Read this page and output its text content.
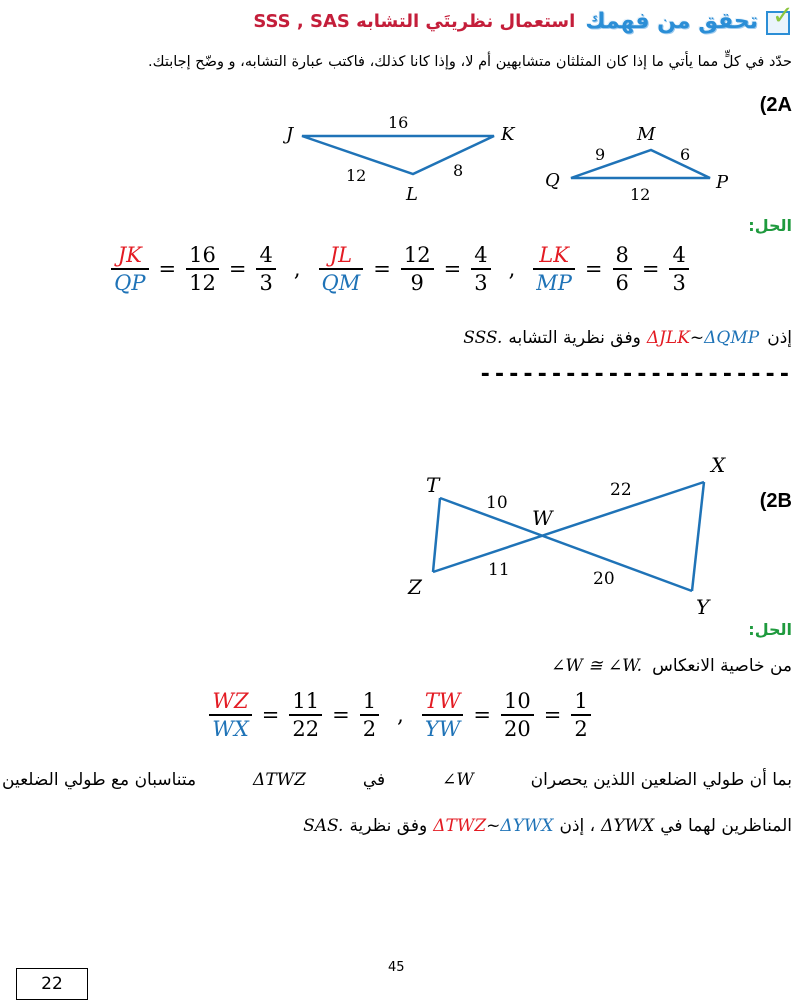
استعمال نظريتَي التشابه SSS , SAS تحقق من فهمك ✓
حدّد في كلٍّ مما يأتي ما إذا كان المثلثان متشابهين أم لا، وإذا كانا كذلك، فاكتب عبارة التشابه، و وضّح إجابتك.
(2A
J	K
L
16
12	8
M
Q	P
9	6
12
الحل:
$\frac{JK}{QP} = \frac{16}{12} = \frac{4}{3}$ , $\frac{JL}{QM} = \frac{12}{9} = \frac{4}{3}$ , $\frac{LK}{MP} = \frac{8}{6} = \frac{4}{3}$
SSS. وفق نظرية التشابه ΔJLK ~ ΔQMP إذن
----------------------
(2B
T
X
W
Z
Y
10
22
11	20
الحل:
∠W ≅ ∠W. من خاصية الانعكاس
$\frac{WZ}{WX} = \frac{11}{22} = \frac{1}{2}$ , $\frac{TW}{YW} = \frac{10}{20} = \frac{1}{2}$
متناسبان مع طولي الضلعين	ΔTWZ	في	∠W	بما أن طولي الضلعين اللذين يحصران
SAS. وفق نظرية ΔTWZ ~ ΔYWX ، إذن ΔYWX المناظرين لهما في
45
22
